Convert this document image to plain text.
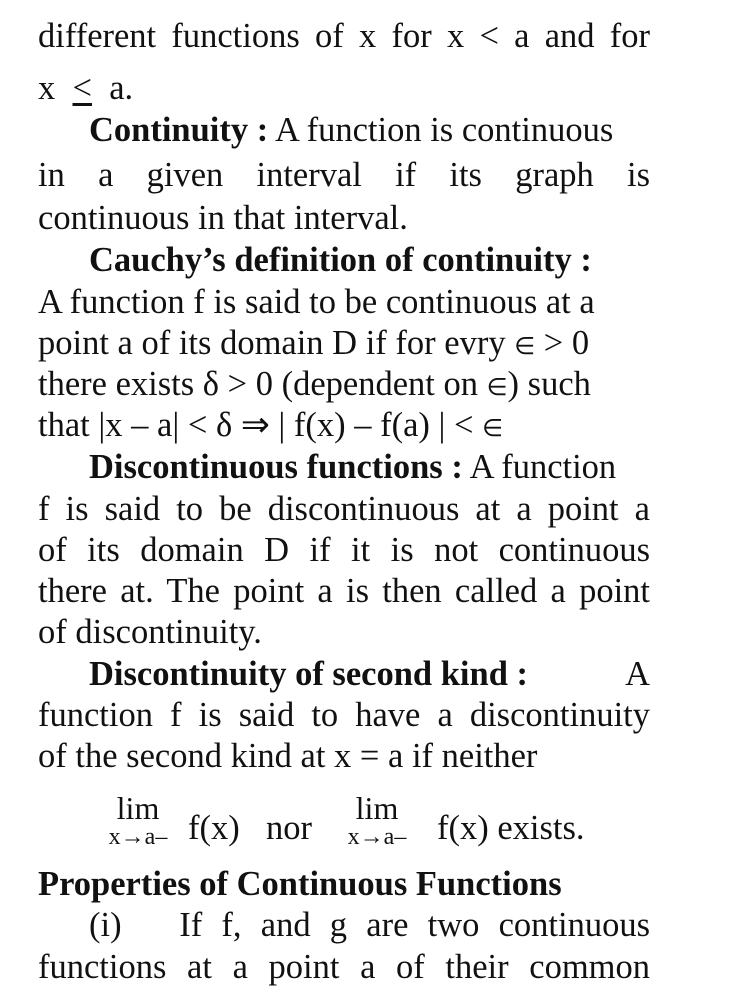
different functions of x for x < a and for
x ≤ a.
Continuity : A function is continuous
in a given interval if its graph is
continuous in that interval.
Cauchy’s definition of continuity :
A function f is said to be continuous at a
point a of its domain D if for evry ∈ > 0
there exists δ > 0 (dependent on ∈) such
that |x – a| < δ ⇒ | f(x) – f(a) | < ∈
Discontinuous functions : A function
f is said to be discontinuous at a point a
of its domain D if it is not continuous
there at. The point a is then called a point
of discontinuity.
Discontinuity of second kind :	A
function f is said to have a discontinuity
of the second kind at x = a if neither
lim
x→a– f(x) nor
lim
x→a– f(x) exists.
Properties of Continuous Functions
(i)   If f, and g are two continuous
functions at a point a of their common
